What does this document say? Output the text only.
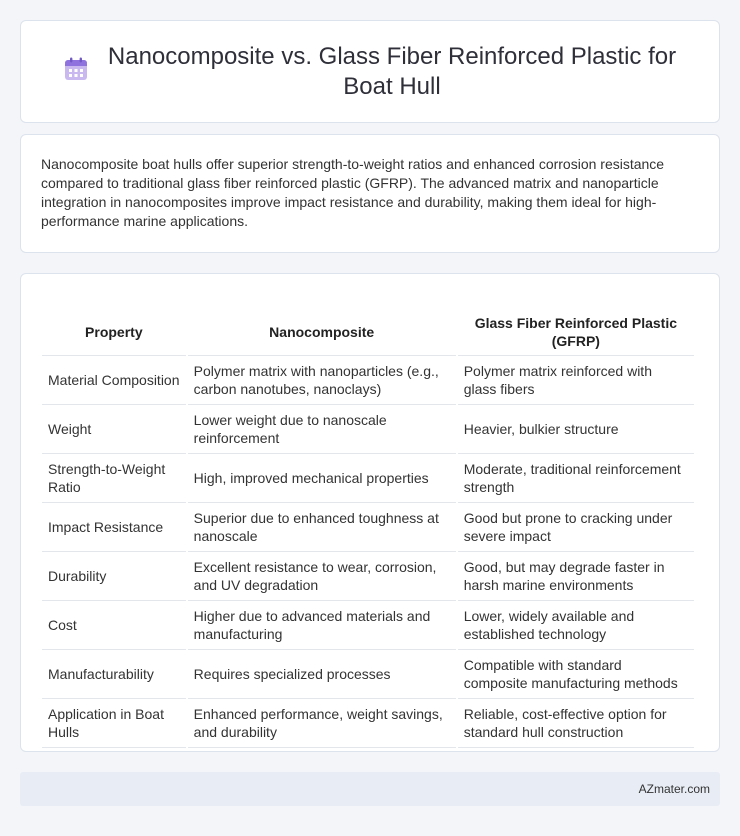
Nanocomposite vs. Glass Fiber Reinforced Plastic for Boat Hull

Nanocomposite boat hulls offer superior strength-to-weight ratios and enhanced corrosion resistance compared to traditional glass fiber reinforced plastic (GFRP). The advanced matrix and nanoparticle integration in nanocomposites improve impact resistance and durability, making them ideal for high-performance marine applications.

Property	Nanocomposite	Glass Fiber Reinforced Plastic (GFRP)
Material Composition	Polymer matrix with nanoparticles (e.g., carbon nanotubes, nanoclays)	Polymer matrix reinforced with glass fibers
Weight	Lower weight due to nanoscale reinforcement	Heavier, bulkier structure
Strength-to-Weight Ratio	High, improved mechanical properties	Moderate, traditional reinforcement strength
Impact Resistance	Superior due to enhanced toughness at nanoscale	Good but prone to cracking under severe impact
Durability	Excellent resistance to wear, corrosion, and UV degradation	Good, but may degrade faster in harsh marine environments
Cost	Higher due to advanced materials and manufacturing	Lower, widely available and established technology
Manufacturability	Requires specialized processes	Compatible with standard composite manufacturing methods
Application in Boat Hulls	Enhanced performance, weight savings, and durability	Reliable, cost-effective option for standard hull construction
AZmater.com
